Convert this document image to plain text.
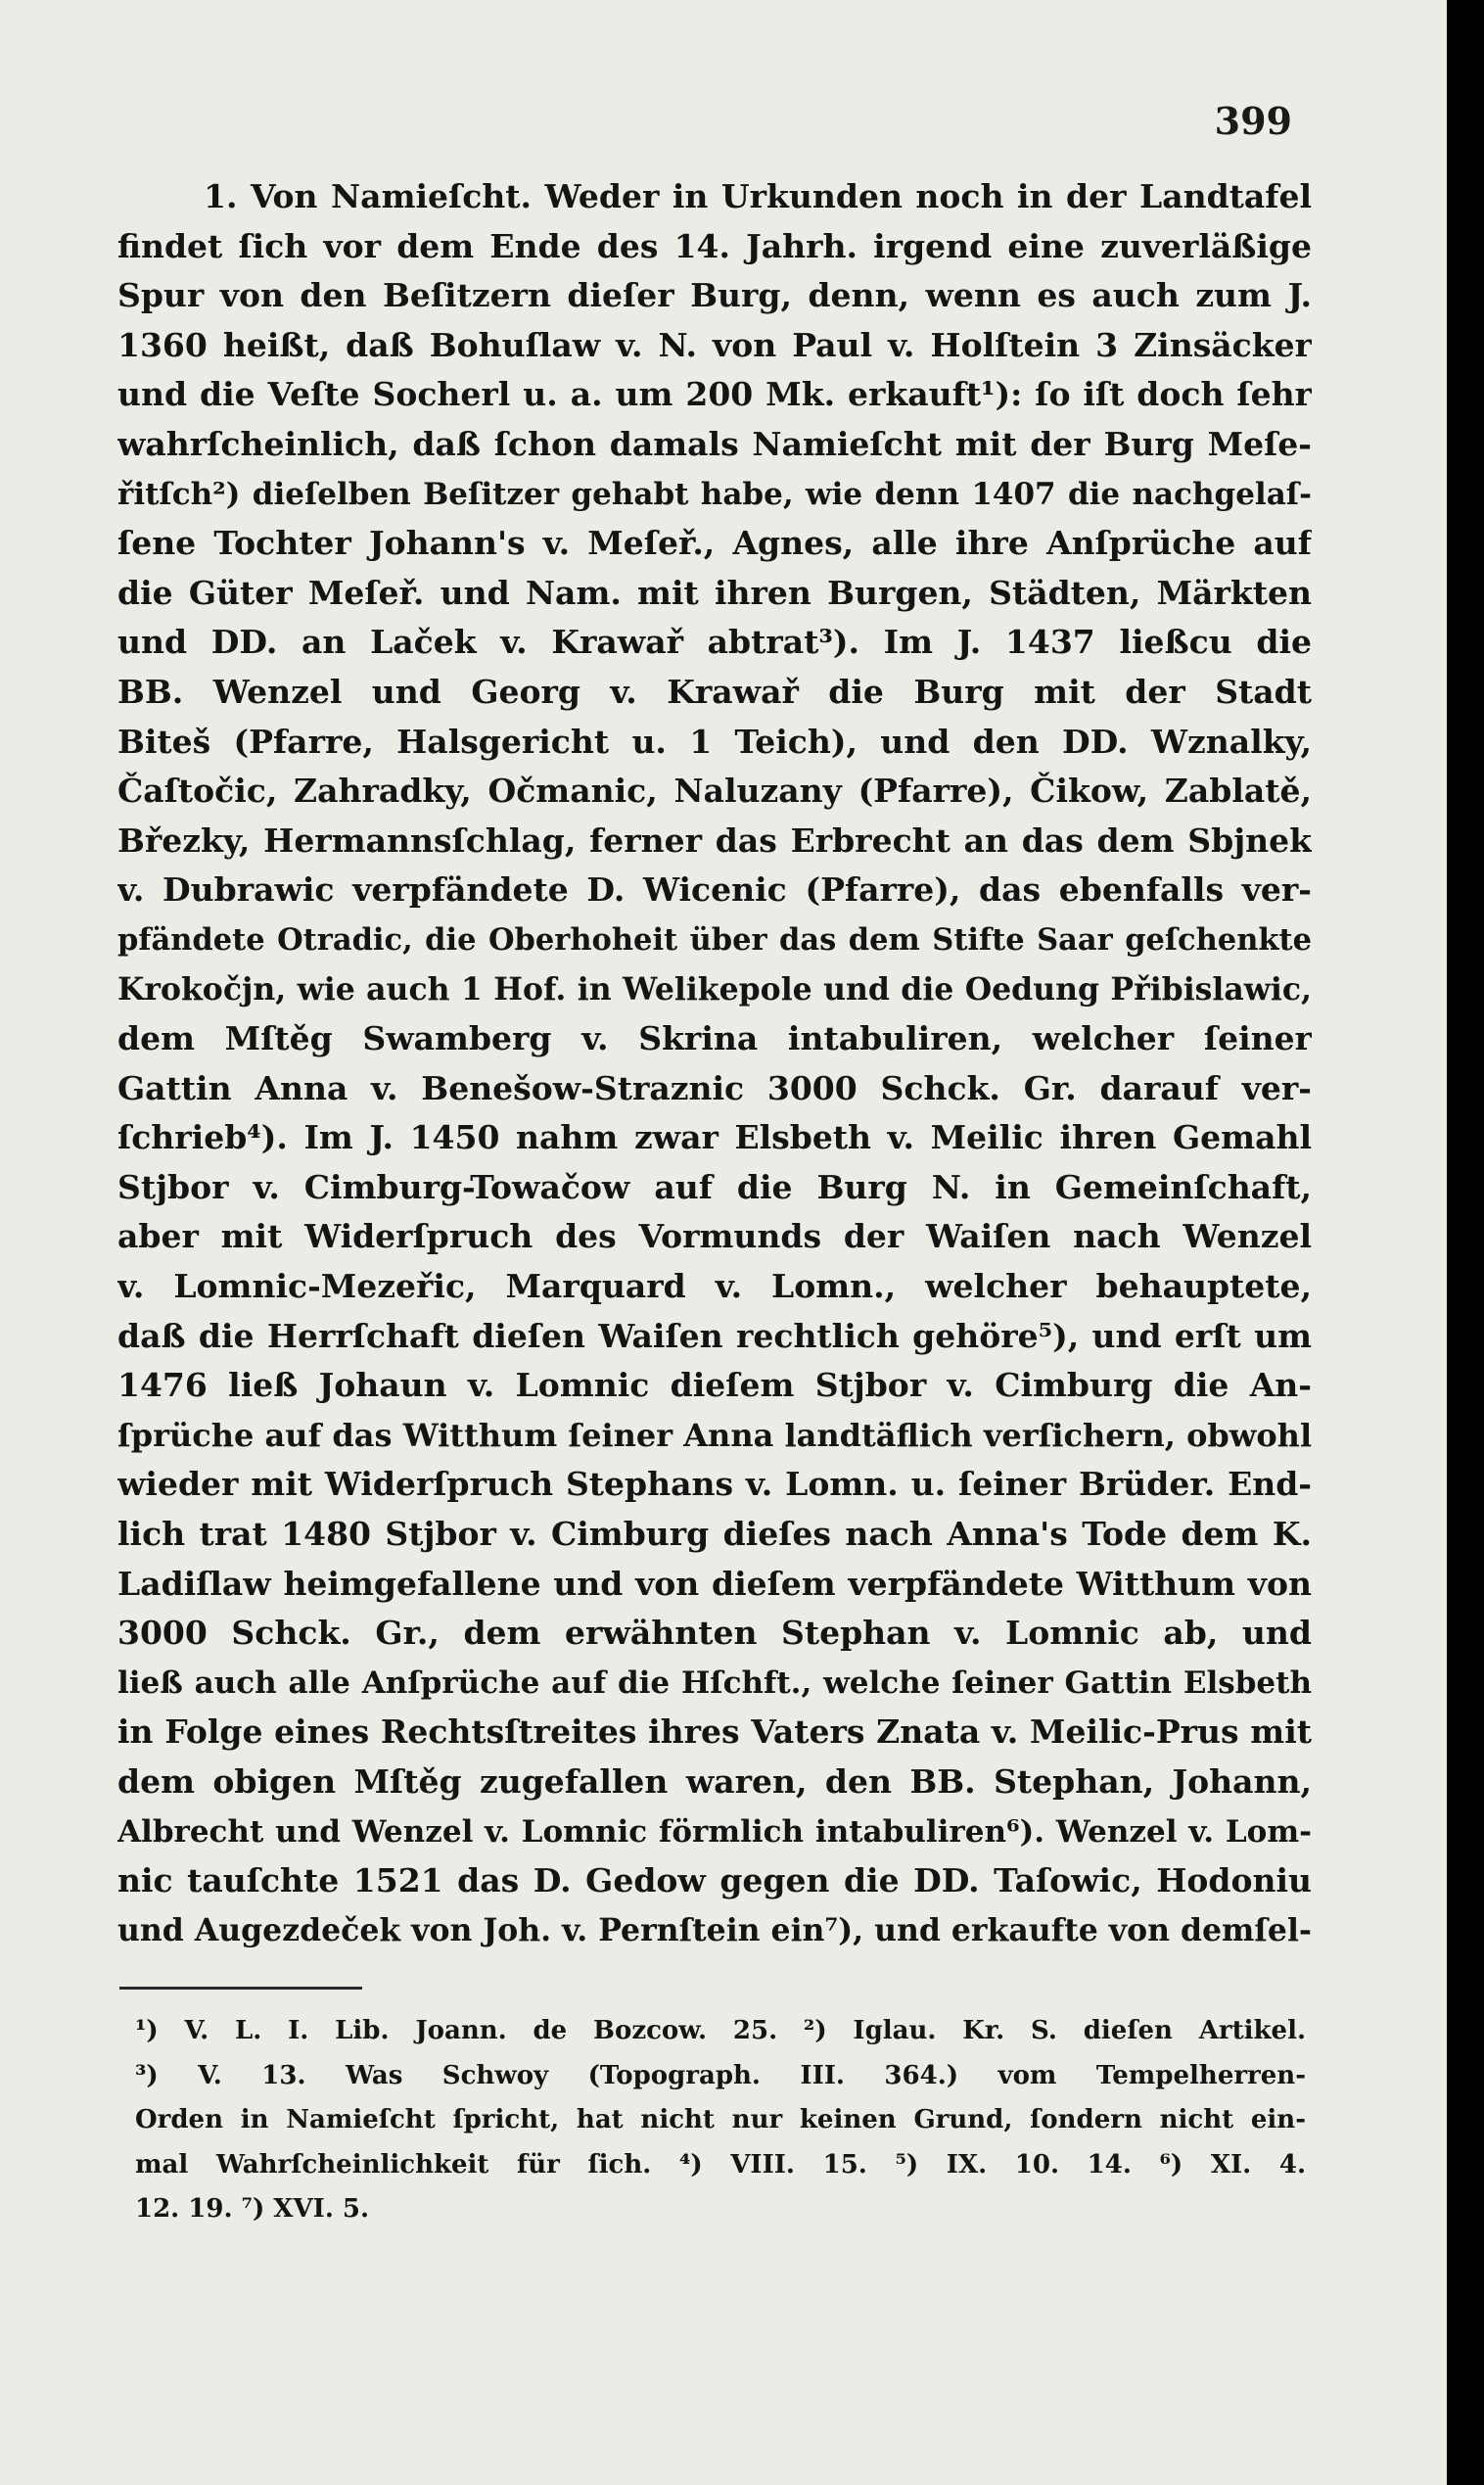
399
1. Von Namieſcht. Weder in Urkunden noch in der Landtafel
findet ſich vor dem Ende des 14. Jahrh. irgend eine zuverläßige
Spur von den Beſitzern dieſer Burg, denn, wenn es auch zum J.
1360 heißt, daß Bohuſlaw v. N. von Paul v. Holſtein 3 Zinsäcker
und die Veſte Socherl u. a. um 200 Mk. erkauft¹): ſo iſt doch ſehr
wahrſcheinlich, daß ſchon damals Namieſcht mit der Burg Meſe-
řitſch²) dieſelben Beſitzer gehabt habe, wie denn 1407 die nachgelaſ-
ſene Tochter Johann's v. Meſeř., Agnes, alle ihre Anſprüche auf
die Güter Meſeř. und Nam. mit ihren Burgen, Städten, Märkten
und DD. an Laček v. Krawař abtrat³). Im J. 1437 ließcu die
BB. Wenzel und Georg v. Krawař die Burg mit der Stadt
Biteš (Pfarre, Halsgericht u. 1 Teich), und den DD. Wznalky,
Čaſtočic, Zahradky, Očmanic, Naluzany (Pfarre), Čikow, Zablatě,
Březky, Hermannsſchlag, ferner das Erbrecht an das dem Sbjnek
v. Dubrawic verpfändete D. Wicenic (Pfarre), das ebenfalls ver-
pfändete Otradic, die Oberhoheit über das dem Stifte Saar geſchenkte
Krokočjn, wie auch 1 Hof. in Welikepole und die Oedung Přibislawic,
dem Mſtěg Swamberg v. Skrina intabuliren, welcher ſeiner
Gattin Anna v. Benešow-Straznic 3000 Schck. Gr. darauf ver-
ſchrieb⁴). Im J. 1450 nahm zwar Elsbeth v. Meilic ihren Gemahl
Stjbor v. Cimburg-Towačow auf die Burg N. in Gemeinſchaft,
aber mit Widerſpruch des Vormunds der Waiſen nach Wenzel
v. Lomnic-Mezeřic, Marquard v. Lomn., welcher behauptete,
daß die Herrſchaft dieſen Waiſen rechtlich gehöre⁵), und erſt um
1476 ließ Johaun v. Lomnic dieſem Stjbor v. Cimburg die An-
ſprüche auf das Witthum ſeiner Anna landtäflich verſichern, obwohl
wieder mit Widerſpruch Stephans v. Lomn. u. ſeiner Brüder. End-
lich trat 1480 Stjbor v. Cimburg dieſes nach Anna's Tode dem K.
Ladiſlaw heimgefallene und von dieſem verpfändete Witthum von
3000 Schck. Gr., dem erwähnten Stephan v. Lomnic ab, und
ließ auch alle Anſprüche auf die Hſchft., welche ſeiner Gattin Elsbeth
in Folge eines Rechtsſtreites ihres Vaters Znata v. Meilic-Prus mit
dem obigen Mſtěg zugefallen waren, den BB. Stephan, Johann,
Albrecht und Wenzel v. Lomnic förmlich intabuliren⁶). Wenzel v. Lom-
nic tauſchte 1521 das D. Gedow gegen die DD. Taſowic, Hodoniu
und Augezdeček von Joh. v. Pernſtein ein⁷), und erkaufte von demſel-
¹) V. L. I. Lib. Joann. de Bozcow. 25. ²) Iglau. Kr. S. dieſen Artikel.
³) V. 13. Was Schwoy (Topograph. III. 364.) vom Tempelherren-
Orden in Namieſcht ſpricht, hat nicht nur keinen Grund, ſondern nicht ein-
mal Wahrſcheinlichkeit für ſich. ⁴) VIII. 15. ⁵) IX. 10. 14. ⁶) XI. 4.
12. 19. ⁷) XVI. 5.
